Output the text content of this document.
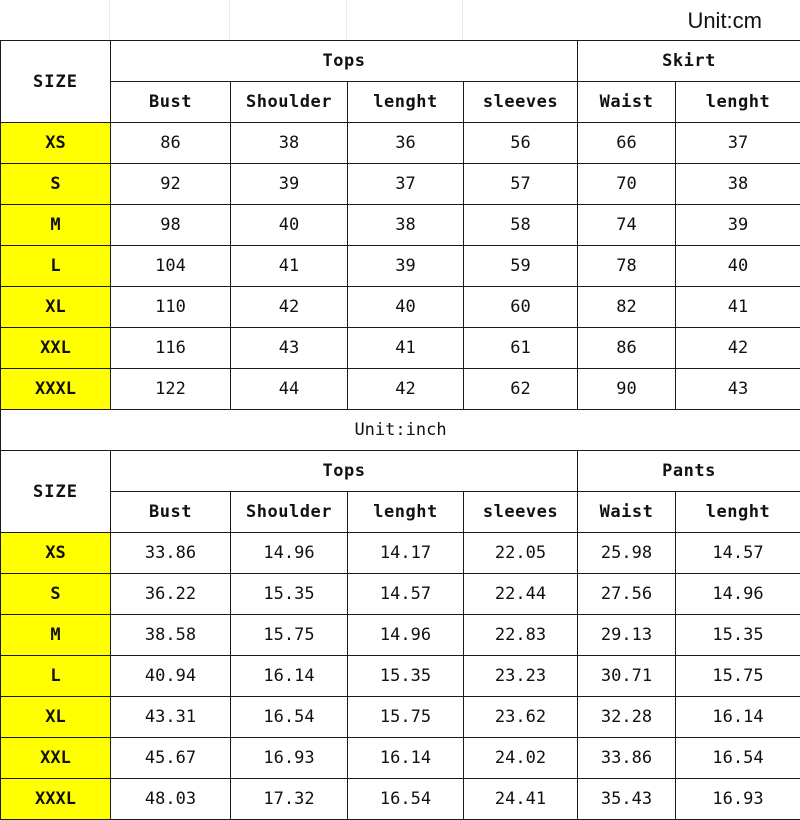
Unit:cm
SIZE	Tops				Skirt	
	Bust	Shoulder	lenght	sleeves	Waist	lenght
XS	86	38	36	56	66	37
S	92	39	37	57	70	38
M	98	40	38	58	74	39
L	104	41	39	59	78	40
XL	110	42	40	60	82	41
XXL	116	43	41	61	86	42
XXXL	122	44	42	62	90	43
Unit:inch						
SIZE	Tops				Pants	
	Bust	Shoulder	lenght	sleeves	Waist	lenght
XS	33.86	14.96	14.17	22.05	25.98	14.57
S	36.22	15.35	14.57	22.44	27.56	14.96
M	38.58	15.75	14.96	22.83	29.13	15.35
L	40.94	16.14	15.35	23.23	30.71	15.75
XL	43.31	16.54	15.75	23.62	32.28	16.14
XXL	45.67	16.93	16.14	24.02	33.86	16.54
XXXL	48.03	17.32	16.54	24.41	35.43	16.93
